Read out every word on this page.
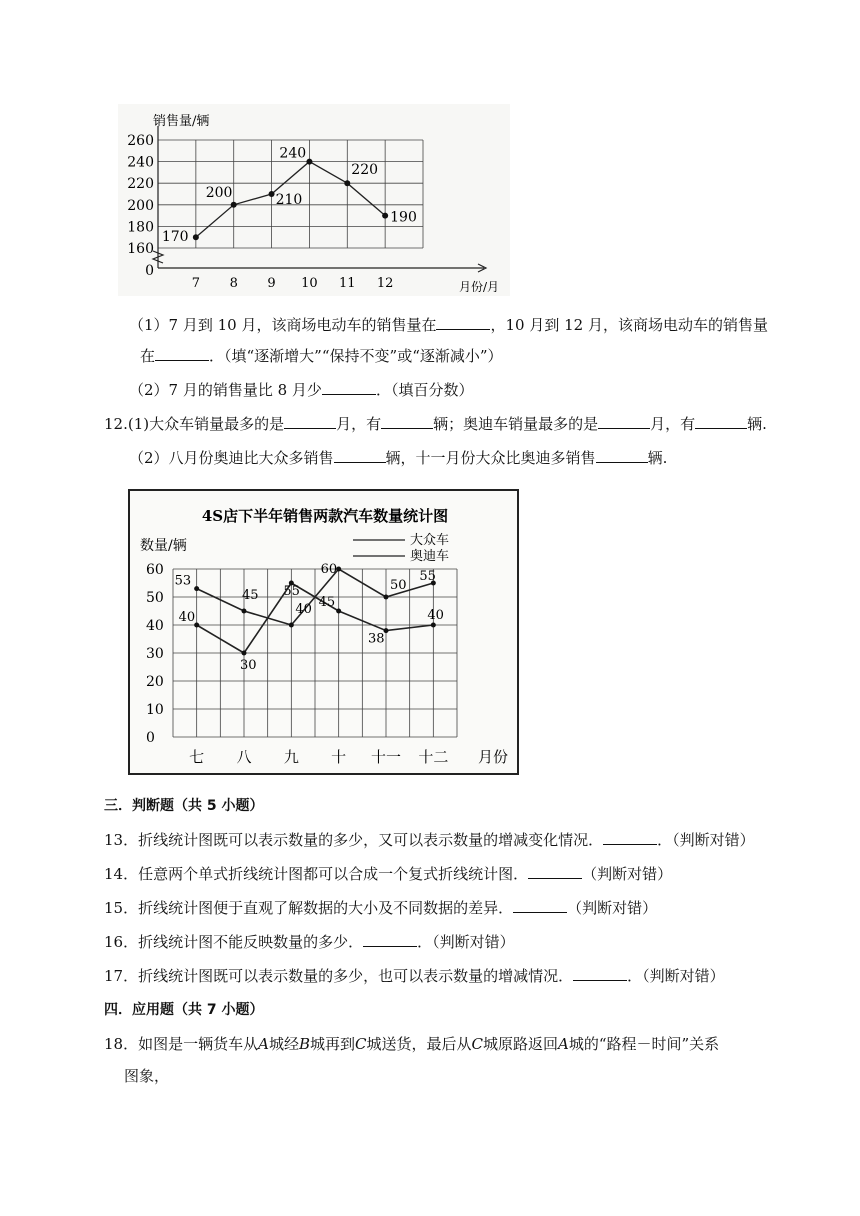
销售量/辆
月份/月
0
160
180
200
220
240
260
7 8 9 10 11 12
170
200	210
240
220
190
（1）7 月到 10 月，该商场电动车的销售量在	，10 月到 12 月，该商场电动车的销售量
在	．（填“逐渐增大”“保持不变”或“逐渐减小”）
（2）7 月的销售量比 8 月少	．（填百分数）
12.(1)大众车销量最多的是	月，有	辆；奥迪车销量最多的是	月，有	辆.
（2）八月份奥迪比大众多销售	辆，十一月份大众比奥迪多销售	辆.
4S店下半年销售两款汽车数量统计图
数量/辆	大众车
奥迪车
0
10
20
30
40
50
60
七 八 九 十 十一 十二 月份
53
45
40
60
50
55
40
30
55
45
38
40
三．判断题（共 5 小题）
13．折线统计图既可以表示数量的多少，又可以表示数量的增减变化情况．	．（判断对错）
14．任意两个单式折线统计图都可以合成一个复式折线统计图．	（判断对错）
15．折线统计图便于直观了解数据的大小及不同数据的差异．	（判断对错）
16．折线统计图不能反映数量的多少．	．（判断对错）
17．折线统计图既可以表示数量的多少，也可以表示数量的增减情况．	．（判断对错）
四．应用题（共 7 小题）
18．如图是一辆货车从A城经B城再到C城送货，最后从C城原路返回A城的“路程－时间”关系
图象，
